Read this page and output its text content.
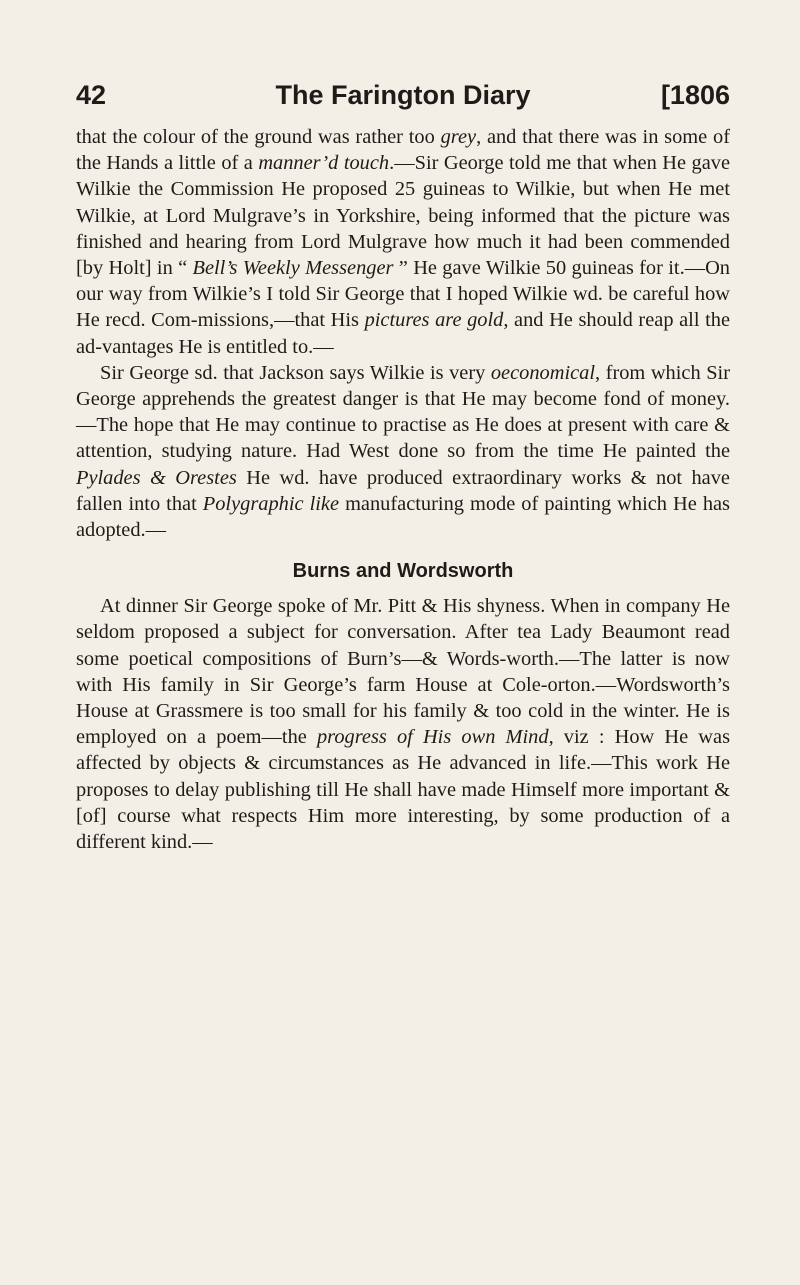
42	The Farington Diary	[1806

that the colour of the ground was rather too grey, and that there was in some of the Hands a little of a manner’d touch.—Sir George told me that when He gave Wilkie the Commission He proposed 25 guineas to Wilkie, but when He met Wilkie, at Lord Mulgrave’s in Yorkshire, being informed that the picture was finished and hearing from Lord Mulgrave how much it had been commended [by Holt] in “ Bell’s Weekly Messenger ” He gave Wilkie 50 guineas for it.—On our way from Wilkie’s I told Sir George that I hoped Wilkie wd. be careful how He recd. Com-missions,—that His pictures are gold, and He should reap all the ad-vantages He is entitled to.—

Sir George sd. that Jackson says Wilkie is very oeconomical, from which Sir George apprehends the greatest danger is that He may become fond of money.—The hope that He may continue to practise as He does at present with care & attention, studying nature. Had West done so from the time He painted the Pylades & Orestes He wd. have produced extraordinary works & not have fallen into that Polygraphic like manufacturing mode of painting which He has adopted.—

Burns and Wordsworth

At dinner Sir George spoke of Mr. Pitt & His shyness. When in company He seldom proposed a subject for conversation. After tea Lady Beaumont read some poetical compositions of Burn’s—& Words-worth.—The latter is now with His family in Sir George’s farm House at Cole-orton.—Wordsworth’s House at Grassmere is too small for his family & too cold in the winter. He is employed on a poem—the progress of His own Mind, viz : How He was affected by objects & circumstances as He advanced in life.—This work He proposes to delay publishing till He shall have made Himself more important & [of] course what respects Him more interesting, by some production of a different kind.—
